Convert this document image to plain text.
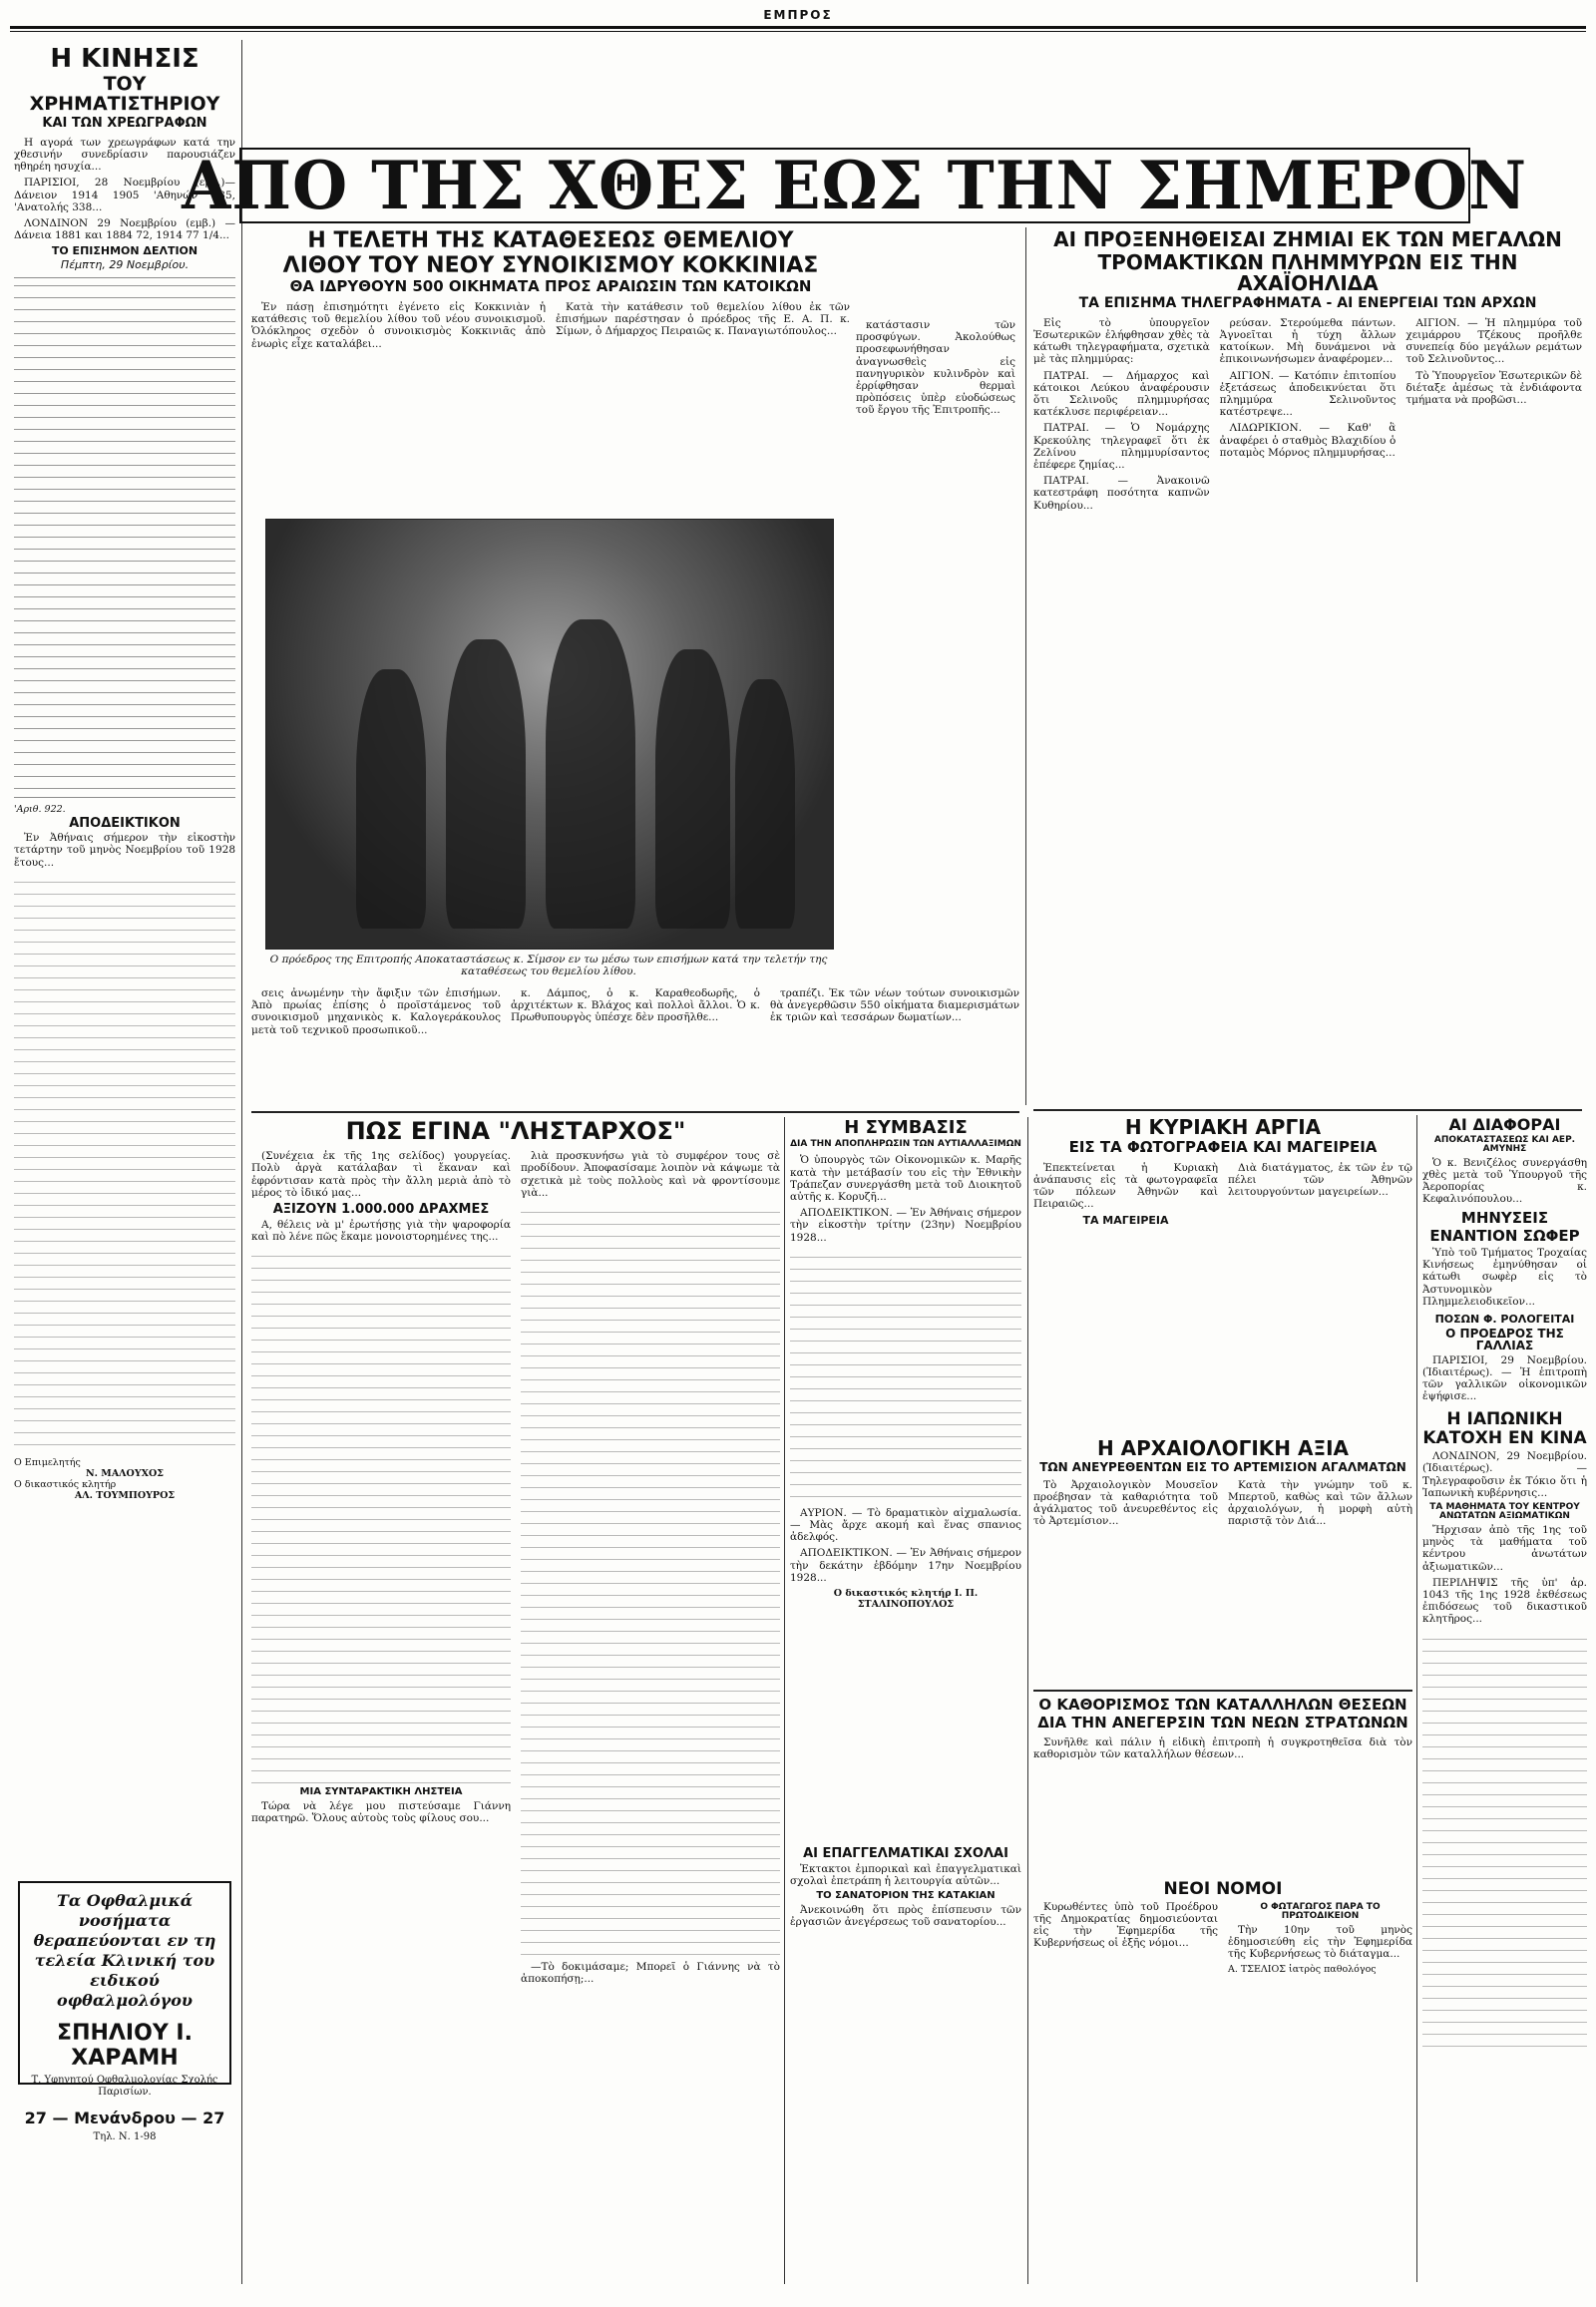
ΕΜΠΡΟΣ
Η ΚΙΝΗΣΙΣ
ΤΟΥ ΧΡΗΜΑΤΙΣΤΗΡΙΟΥ
ΚΑΙ ΤΩΝ ΧΡΕΩΓΡΑΦΩΝ

Η αγορά των χρεωγράφων κατά την χθεσινήν συνεδρίασιν παρουσιάζεν ηθηρέη ησυχία...

ΠΑΡΙΣΙΟΙ, 28 Νοεμβρίου (εμβ.)—Δάνειον 1914 1905 'Αθηνών 335, 'Ανατολής 338...

ΛΟΝΔΙΝΟΝ 29 Νοεμβρίου (εμβ.) — Δάνεια 1881 και 1884 72, 1914 77 1/4...

ΤΟ ΕΠΙΣΗΜΟΝ ΔΕΛΤΙΟΝ
Πέμπτη, 29 Νοεμβρίου.
'Αριθ. 922.
ΑΠΟΔΕΙΚΤΙΚΟΝ

Ἐν Ἀθήναις σήμερον τὴν εἰκοστὴν τετάρτην τοῦ μηνὸς Νοεμβρίου τοῦ 1928 ἔτους...

Ο Επιμελητής
Ν. ΜΑΛΟΥΧΟΣ
Ο δικαστικός κλητήρ
ΑΛ. ΤΟΥΜΠΟΥΡΟΣ
Τα Οφθαλμικά νοσήματα θεραπεύονται εν τη τελεία Κλινική του ειδικού οφθαλμολόγου
ΣΠΗΛΙΟΥ Ι. ΧΑΡΑΜΗ
Τ. Υφηγητού Οφθαλμολογίας Σχολής Παρισίων.
27 — Μενάνδρου — 27
Τηλ. Ν. 1-98
ΑΠΟ ΤΗΣ ΧΘΕΣ ΕΩΣ ΤΗΝ ΣΗΜΕΡΟΝ
Η ΤΕΛΕΤΗ ΤΗΣ ΚΑΤΑΘΕΣΕΩΣ ΘΕΜΕΛΙΟΥ
ΛΙΘΟΥ ΤΟΥ ΝΕΟΥ ΣΥΝΟΙΚΙΣΜΟΥ ΚΟΚΚΙΝΙΑΣ
ΘΑ ΙΔΡΥΘΟΥΝ 500 ΟΙΚΗΜΑΤΑ ΠΡΟΣ ΑΡΑΙΩΣΙΝ ΤΩΝ ΚΑΤΟΙΚΩΝ

Ἐν πάσῃ ἐπισημότητι ἐγένετο εἰς Κοκκινιὰν ἡ κατάθεσις τοῦ θεμελίου λίθου τοῦ νέου συνοικισμοῦ. Ὁλόκληρος σχεδὸν ὁ συνοικισμὸς Κοκκινιᾶς ἀπὸ ἐνωρὶς εἶχε καταλάβει...

Κατὰ τὴν κατάθεσιν τοῦ θεμελίου λίθου ἐκ τῶν ἐπισήμων παρέστησαν ὁ πρόεδρος τῆς Ε. Α. Π. κ. Σίμων, ὁ Δήμαρχος Πειραιῶς κ. Παναγιωτόπουλος...

κατάστασιν τῶν προσφύγων. Ἀκολούθως προσεφωνήθησαν ἀναγνωσθεὶς εἰς πανηγυρικὸν κυλινδρὸν καὶ ἐρρίφθησαν θερμαὶ πρὸπόσεις ὑπὲρ εὐοδώσεως τοῦ ἔργου τῆς Ἐπιτροπῆς...

Ο πρόεδρος της Επιτροπής Αποκαταστάσεως κ. Σίμσον εν τω μέσω των επισήμων κατά την τελετήν της καταθέσεως του θεμελίου λίθου.

σεις ἀνωμένην τὴν ἄφιξιν τῶν ἐπισήμων. Ἀπὸ πρωίας ἐπίσης ὁ προϊστάμενος τοῦ συνοικισμοῦ μηχανικὸς κ. Καλογεράκουλος μετὰ τοῦ τεχνικοῦ προσωπικοῦ...

κ. Δάμπος, ὁ κ. Καραθεοδωρῆς, ὁ ἀρχιτέκτων κ. Βλάχος καὶ πολλοὶ ἄλλοι. Ὁ κ. Πρωθυπουργὸς ὑπέσχε δὲν προσῆλθε...

τραπέζι. Ἐκ τῶν νέων τούτων συνοικισμῶν θὰ ἀνεγερθῶσιν 550 οἰκήματα διαμερισμάτων ἐκ τριῶν καὶ τεσσάρων δωματίων...

ΑΙ ΠΡΟΞΕΝΗΘΕΙΣΑΙ ΖΗΜΙΑΙ ΕΚ ΤΩΝ ΜΕΓΑΛΩΝ
ΤΡΟΜΑΚΤΙΚΩΝ ΠΛΗΜΜΥΡΩΝ ΕΙΣ ΤΗΝ ΑΧΑΪΟΗΛΙΔΑ
ΤΑ ΕΠΙΣΗΜΑ ΤΗΛΕΓΡΑΦΗΜΑΤΑ - ΑΙ ΕΝΕΡΓΕΙΑΙ ΤΩΝ ΑΡΧΩΝ

Εἰς τὸ ὑπουργεῖον Ἐσωτερικῶν ἐλήφθησαν χθὲς τὰ κάτωθι τηλεγραφήματα, σχετικὰ μὲ τὰς πλημμύρας:

ΠΑΤΡΑΙ. — Δήμαρχος καὶ κάτοικοι Λεύκου ἀναφέρουσιν ὅτι Σελινοῦς πλημμυρήσας κατέκλυσε περιφέρειαν...

ΠΑΤΡΑΙ. — Ὁ Νομάρχης Κρεκούλης τηλεγραφεῖ ὅτι ἐκ Ζελίνου πλημμυρίσαντος ἐπέφερε ζημίας...

ΠΑΤΡΑΙ. — Ἀνακοινῶ κατεστράφη ποσότητα καπνῶν Κυθηρίου...

ρεύσαν. Στερούμεθα πάντων. Ἀγνοεῖται ἡ τύχη ἄλλων κατοίκων. Μὴ δυνάμενοι νὰ ἐπικοινωνήσωμεν ἀναφέρομεν...

ΑΙΓΙΟΝ. — Κατόπιν ἐπιτοπίου ἐξετάσεως ἀποδεικνύεται ὅτι πλημμύρα Σελινοῦντος κατέστρεψε...

ΛΙΔΩΡΙΚΙΟΝ. — Καθ' ἃ ἀναφέρει ὁ σταθμὸς Βλαχιδίου ὁ ποταμὸς Μόρνος πλημμυρήσας...

ΑΙΓΙΟΝ. — Ἡ πλημμύρα τοῦ χειμάρρου Τζέκους προῆλθε συνεπείᾳ δύο μεγάλων ρεμάτων τοῦ Σελινοῦντος...

Τὸ Ὑπουργεῖον Ἐσωτερικῶν δὲ διέταξε ἀμέσως τὰ ἐνδιάφοντα τμήματα νὰ προβῶσι...

Η ΚΥΡΙΑΚΗ ΑΡΓΙΑ
ΕΙΣ ΤΑ ΦΩΤΟΓΡΑΦΕΙΑ ΚΑΙ ΜΑΓΕΙΡΕΙΑ

Ἐπεκτείνεται ἡ Κυριακὴ ἀνάπαυσις εἰς τὰ φωτογραφεῖα τῶν πόλεων Ἀθηνῶν καὶ Πειραιῶς...

ΤΑ ΜΑΓΕΙΡΕΙΑ

Διὰ διατάγματος, ἐκ τῶν ἐν τῷ πέλει τῶν Ἀθηνῶν λειτουργούντων μαγειρείων...

ΑΙ ΔΙΑΦΟΡΑΙ
ΑΠΟΚΑΤΑΣΤΑΣΕΩΣ ΚΑΙ ΑΕΡ. ΑΜΥΝΗΣ

Ὁ κ. Βενιζέλος συνεργάσθη χθὲς μετὰ τοῦ Ὑπουργοῦ τῆς Ἀεροπορίας κ. Κεφαλινόπουλου...

ΜΗΝΥΣΕΙΣ
ΕΝΑΝΤΙΟΝ ΣΩΦΕΡ

Ὑπὸ τοῦ Τμήματος Τροχαίας Κινήσεως ἐμηνύθησαν οἱ κάτωθι σωφὲρ εἰς τὸ Ἀστυνομικὸν Πλημμελειοδικεῖον...

ΠΟΣΩΝ Φ. ΡΟΛΟΓΕΙΤΑΙ
Ο ΠΡΟΕΔΡΟΣ ΤΗΣ ΓΑΛΛΙΑΣ

ΠΑΡΙΣΙΟΙ, 29 Νοεμβρίου. (Ἰδιαιτέρως). — Ἡ ἐπιτροπὴ τῶν γαλλικῶν οἰκονομικῶν ἐψήφισε...

Η ΙΑΠΩΝΙΚΗ
ΚΑΤΟΧΗ ΕΝ ΚΙΝΑ

ΛΟΝΔΙΝΟΝ, 29 Νοεμβρίου. (Ἰδιαιτέρως). — Τηλεγραφοῦσιν ἐκ Τόκιο ὅτι ἡ Ἰαπωνικὴ κυβέρνησις...

ΤΑ ΜΑΘΗΜΑΤΑ ΤΟΥ ΚΕΝΤΡΟΥ ΑΝΩΤΑΤΩΝ ΑΞΙΩΜΑΤΙΚΩΝ

Ἤρχισαν ἀπὸ τῆς 1ης τοῦ μηνὸς τὰ μαθήματα τοῦ κέντρου ἀνωτάτων ἀξιωματικῶν...

ΠΕΡΙΛΗΨΙΣ τῆς ὑπ' ἀρ. 1043 τῆς 1ης 1928 ἐκθέσεως ἐπιδόσεως τοῦ δικαστικοῦ κλητῆρος...

ΠΩΣ ΕΓΙΝΑ "ΛΗΣΤΑΡΧΟΣ"

(Συνέχεια ἐκ τῆς 1ης σελίδος) γουργείας. Πολὺ ἀργὰ κατάλαβαν τὶ ἔκαναν καὶ ἐφρόντισαν κατὰ πρὸς τὴν ἄλλη μεριὰ ἀπὸ τὸ μέρος τὸ ἰδικό μας...

ΑΞΙΖΟΥΝ 1.000.000 ΔΡΑΧΜΕΣ

Α, θέλεις νὰ μ' ἐρωτήσῃς γιὰ τὴν ψαροφορία καὶ πὸ λένε πῶς ἔκαμε μονοιστορημένες της...

ΜΙΑ ΣΥΝΤΑΡΑΚΤΙΚΗ ΛΗΣΤΕΙΑ

Τώρα νὰ λέγε μου πιστεύσαμε Γιάννη παρατηρῶ. Ὅλους αὐτοὺς τοὺς φίλους σου...

λιὰ προσκυνήσω γιὰ τὸ συμφέρον τους σὲ προδίδουν. Ἀποφασίσαμε λοιπὸν νὰ κάψωμε τὰ σχετικὰ μὲ τοὺς πολλοὺς καὶ νὰ φροντίσουμε γιὰ...

—Τὸ δοκιμάσαμε; Μπορεῖ ὁ Γιάννης νὰ τὸ ἀποκοπήσῃ;...

Η ΣΥΜΒΑΣΙΣ
ΔΙΑ ΤΗΝ ΑΠΟΠΛΗΡΩΣΙΝ ΤΩΝ ΑΥΤΙΑΛΛΑΞΙΜΩΝ

Ὁ ὑπουργὸς τῶν Οἰκονομικῶν κ. Μαρῆς κατὰ τὴν μετάβασίν του εἰς τὴν Ἐθνικὴν Τράπεζαν συνεργάσθη μετὰ τοῦ Διοικητοῦ αὐτῆς κ. Κορυζῆ...

ΑΠΟΔΕΙΚΤΙΚΟΝ. — Ἐν Ἀθήναις σήμερον τὴν εἰκοστὴν τρίτην (23ην) Νοεμβρίου 1928...

ΑΥΡΙΟΝ. — Τὸ δραματικὸν αἰχμαλωσία. — Μὰς ἄρχε ακομή καὶ ἕνας σπανιος ἀδελφός.

ΑΠΟΔΕΙΚΤΙΚΟΝ. — Ἐν Ἀθήναις σήμερον τὴν δεκάτην ἑβδόμην 17ην Νοεμβρίου 1928...

Ο δικαστικός κλητήρ Ι. Π. ΣΤΑΛΙΝΟΠΟΥΛΟΣ
Η ΑΡΧΑΙΟΛΟΓΙΚΗ ΑΞΙΑ
ΤΩΝ ΑΝΕΥΡΕΘΕΝΤΩΝ ΕΙΣ ΤΟ ΑΡΤΕΜΙΣΙΟΝ ΑΓΑΛΜΑΤΩΝ

Τὸ Ἀρχαιολογικὸν Μουσεῖον προέβησαν τὰ καθαριότητα τοῦ ἀγάλματος τοῦ ἀνευρεθέντος εἰς τὸ Ἀρτεμίσιον...

Κατὰ τὴν γνώμην τοῦ κ. Μπερτοῦ, καθὼς καὶ τῶν ἄλλων ἀρχαιολόγων, ἡ μορφὴ αὐτὴ παριστᾷ τὸν Διά...

Ο ΚΑΘΟΡΙΣΜΟΣ ΤΩΝ ΚΑΤΑΛΛΗΛΩΝ ΘΕΣΕΩΝ
ΔΙΑ ΤΗΝ ΑΝΕΓΕΡΣΙΝ ΤΩΝ ΝΕΩΝ ΣΤΡΑΤΩΝΩΝ

Συνῆλθε καὶ πάλιν ἡ εἰδικὴ ἐπιτροπὴ ἡ συγκροτηθεῖσα διὰ τὸν καθορισμὸν τῶν καταλλήλων θέσεων...

ΑΙ ΕΠΑΓΓΕΛΜΑΤΙΚΑΙ ΣΧΟΛΑΙ

Ἐκτακτοι ἐμπορικαὶ καὶ ἐπαγγελματικαὶ σχολαὶ ἐπετράπη ἡ λειτουργία αὐτῶν...

ΤΟ ΣΑΝΑΤΟΡΙΟΝ ΤΗΣ ΚΑΤΑΚΙΑΝ

Ἀνεκοινώθη ὅτι πρὸς ἐπίσπευσιν τῶν ἐργασιῶν ἀνεγέρσεως τοῦ σανατορίου...

ΝΕΟΙ ΝΟΜΟΙ

Κυρωθέντες ὑπὸ τοῦ Προέδρου τῆς Δημοκρατίας δημοσιεύονται εἰς τὴν Ἐφημερίδα τῆς Κυβερνήσεως οἱ ἑξῆς νόμοι...

Ο ΦΩΤΑΓΩΓΟΣ ΠΑΡΑ ΤΟ ΠΡΩΤΟΔΙΚΕΙΟΝ

Τὴν 10ην τοῦ μηνὸς ἐδημοσιεύθη εἰς τὴν Ἐφημερίδα τῆς Κυβερνήσεως τὸ διάταγμα...

Α. ΤΣΕΛΙΟΣ ἰατρὸς παθολόγος
